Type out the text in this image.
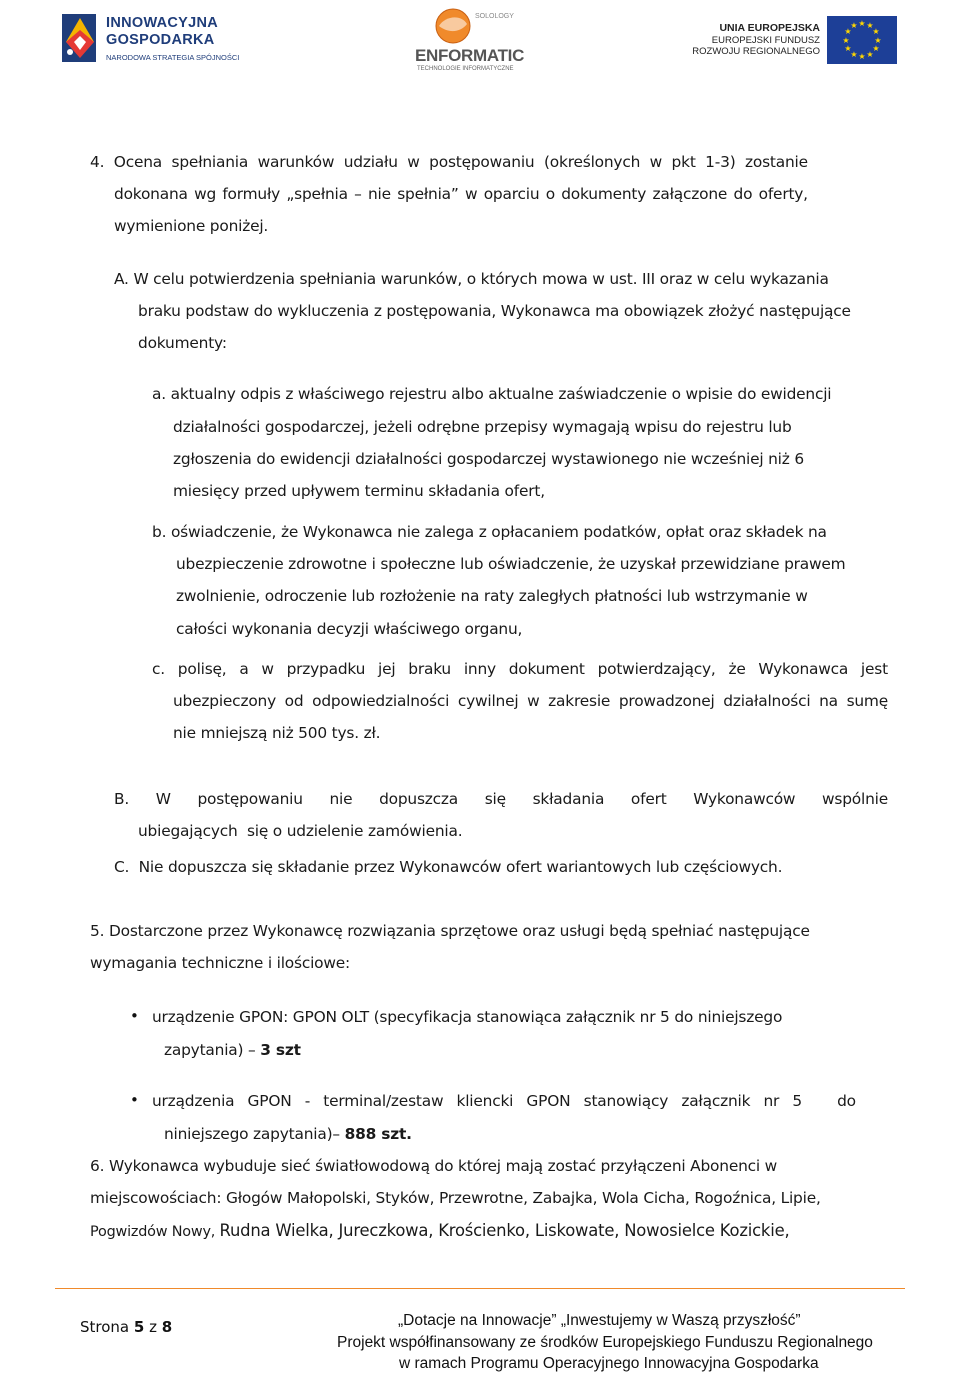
INNOWACYJNA
GOSPODARKA
NARODOWA STRATEGIA SPÓJNOŚCI
SOLOLOGY
ENFORMATIC
TECHNOLOGIE INFORMATYCZNE
UNIA EUROPEJSKA
EUROPEJSKI FUNDUSZ
ROZWOJU REGIONALNEGO
★ ★
★
★
★
★
★
★
★
★
★
★
4. Ocena spełniania warunków udziału w postępowaniu (określonych w pkt 1-3) zostanie
dokonana wg formuły „spełnia – nie spełnia” w oparciu o dokumenty załączone do oferty,
wymienione poniżej.
A. W celu potwierdzenia spełniania warunków, o których mowa w ust. III oraz w celu wykazania
braku podstaw do wykluczenia z postępowania, Wykonawca ma obowiązek złożyć następujące
dokumenty:
a. aktualny odpis z właściwego rejestru albo aktualne zaświadczenie o wpisie do ewidencji
działalności gospodarczej, jeżeli odrębne przepisy wymagają wpisu do rejestru lub
zgłoszenia do ewidencji działalności gospodarczej wystawionego nie wcześniej niż 6
miesięcy przed upływem terminu składania ofert,
b. oświadczenie, że Wykonawca nie zalega z opłacaniem podatków, opłat oraz składek na
ubezpieczenie zdrowotne i społeczne lub oświadczenie, że uzyskał przewidziane prawem
zwolnienie, odroczenie lub rozłożenie na raty zaległych płatności lub wstrzymanie w
całości wykonania decyzji właściwego organu,
c. polisę, a w przypadku jej braku inny dokument potwierdzający, że Wykonawca jest
ubezpieczony od odpowiedzialności cywilnej w zakresie prowadzonej działalności na sumę
nie mniejszą niż 500 tys. zł.
B. W postępowaniu nie dopuszcza się składania ofert Wykonawców wspólnie
ubiegających  się o udzielenie zamówienia.
C.  Nie dopuszcza się składanie przez Wykonawców ofert wariantowych lub częściowych.
5. Dostarczone przez Wykonawcę rozwiązania sprzętowe oraz usługi będą spełniać następujące
wymagania techniczne i ilościowe:
• urządzenie GPON: GPON OLT (specyfikacja stanowiąca załącznik nr 5 do niniejszego
zapytania) – 3 szt
• urządzenia GPON - terminal/zestaw kliencki GPON stanowiący załącznik nr 5 do
niniejszego zapytania)– 888 szt.
6. Wykonawca wybuduje sieć światłowodową do której mają zostać przyłączeni Abonenci w
miejscowościach: Głogów Małopolski, Styków, Przewrotne, Zabajka, Wola Cicha, Rogoźnica, Lipie,
Pogwizdów Nowy, Rudna Wielka, Jureczkowa, Krościenko, Liskowate, Nowosielce Kozickie,
Strona 5 z 8	„Dotacje na Innowacje” „Inwestujemy w Waszą przyszłość”
Projekt współfinansowany ze środków Europejskiego Funduszu Regionalnego
w ramach Programu Operacyjnego Innowacyjna Gospodarka
